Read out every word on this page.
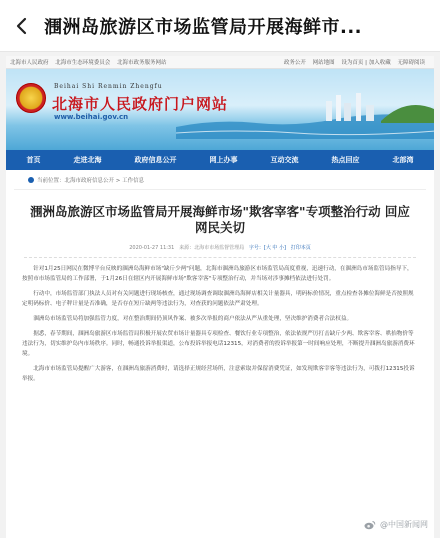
涠洲岛旅游区市场监管局开展海鲜市...
北海市人民政府 北海市生态环境委员会 北海市政务服务网站	政务公开 网站地图 设为首页 | 加入收藏 无障碍阅读
Beihai Shi Renmin Zhengfu
北海市人民政府门户网站
www.beihai.gov.cn
首页	走进北海	政府信息公开	网上办事	互动交流	热点回应	北部湾
当前位置：北海市政府信息公开 > 工作信息
涠洲岛旅游区市场监管局开展海鲜市场"欺客宰客"专项整治行动 回应网民关切
2020-01-27 11:31 来源：北海市市场监督管理局 字号：[大 中 小] 打印本页

针对1月25日网民在微博平台反映的涠洲岛海鲜市场"缺斤少两"问题，北海市涠洲岛旅游区市场监管局高度重视，迅速行动，在涠洲岛市场监管局指导下，按照市市场监管局的工作部署，于1月26日在辖区内开展海鲜市场"欺客宰客"专项整治行动，并当场对涉事摊档依法进行处罚。

行动中，市场监管部门执法人员对有关问题进行现场核查，通过现场调查调取涠洲岛海鲜店相关计量器具，明码标价情况，重点检查各摊位海鲜是否按照规定明码标价、电子秤计量是否准确，是否存在短斤缺两等违法行为，对查获的问题依法严肃处理。

涠洲岛市场监管局将加强监管力度，对在整治期间仍顶风作案、被多次举报的商户依法从严从重处理，坚决维护消费者合法权益。

据悉，春节期间，涠洲岛旅游区市场监管局积极开展农贸市场计量器具专项检查、餐饮行业专项整治，依法依规严厉打击缺斤少两、欺客宰客、哄抬物价等违法行为，切实维护岛内市场秩序。同时，畅通投诉举报渠道，公布投诉举报电话12315，对消费者的投诉举报第一时间响应处理，不断提升涠洲岛旅游消费环境。

北海市市场监管局提醒广大游客，在涠洲岛旅游消费时，请选择正规经营场所，注意索取并保留消费凭证，如发现欺客宰客等违法行为，可拨打12315投诉举报。

@中国新闻网
